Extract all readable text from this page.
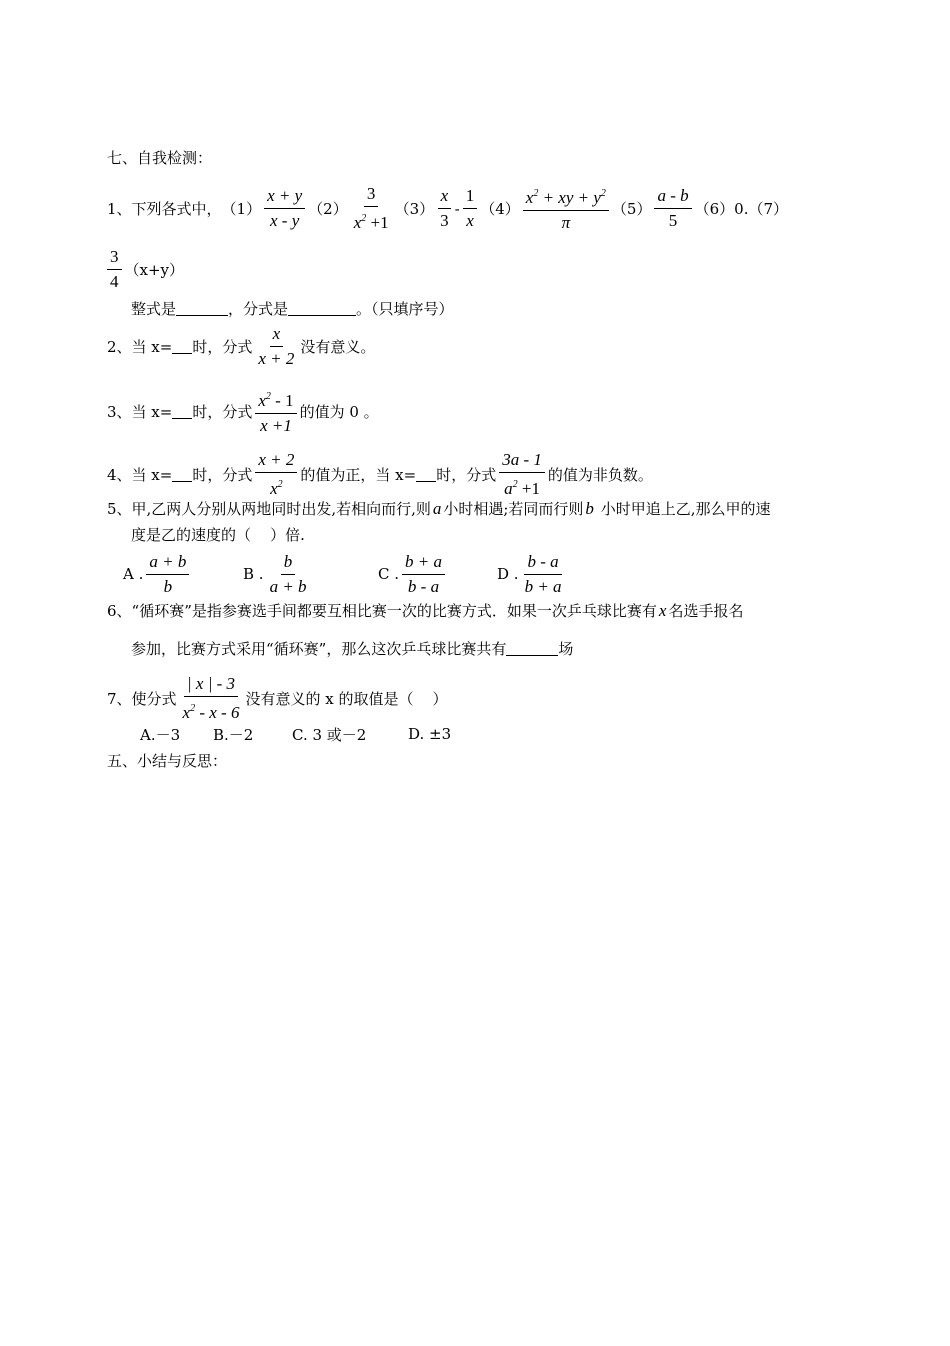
七、自我检测：
1、下列各式中， $(1) \frac{x + y}{x - y} (2) \frac{3}{x^2 +1} (3) \frac{x}{3} - \frac{1}{x} (4) \frac{x^2 + xy + y^2}{\pi} (5) \frac{a - b}{5} (6)0.(7)$
$\frac{3}{4} (x+y)$
整式是	，分式是	。（只填序号）
2、当 x= 时，分式 $\frac{x}{x + 2}$ 没有意义。
3、当 x= 时，分式 $\frac{x^2 - 1}{x +1}$ 的值为 0 。
4、当 x= 时，分式 $\frac{x + 2}{x^2}$ 的值为正，当 x= 时，分式 $\frac{3a - 1}{a^2 +1}$ 的值为非负数。
5、甲,乙两人分别从两地同时出发,若相向而行,则 a 小时相遇;若同而行则 b 小时甲追上乙,那么甲的速
度是乙的速度的（    ）倍.
A . $\frac{a + b}{b}$	B . $\frac{b}{a + b}$	C . $\frac{b + a}{b - a}$	D . $\frac{b - a}{b + a}$
6、“循环赛”是指参赛选手间都要互相比赛一次的比赛方式．如果一次乒乓球比赛有 x 名选手报名
参加，比赛方式采用“循环赛”，那么这次乒乓球比赛共有	场
7、使分式 $\frac{| x | - 3}{x^2 - x - 6}$ 没有意义的 x 的取值是（    ）
A.－3 B.－2	C. 3 或－2	D. ±3
五、小结与反思：
